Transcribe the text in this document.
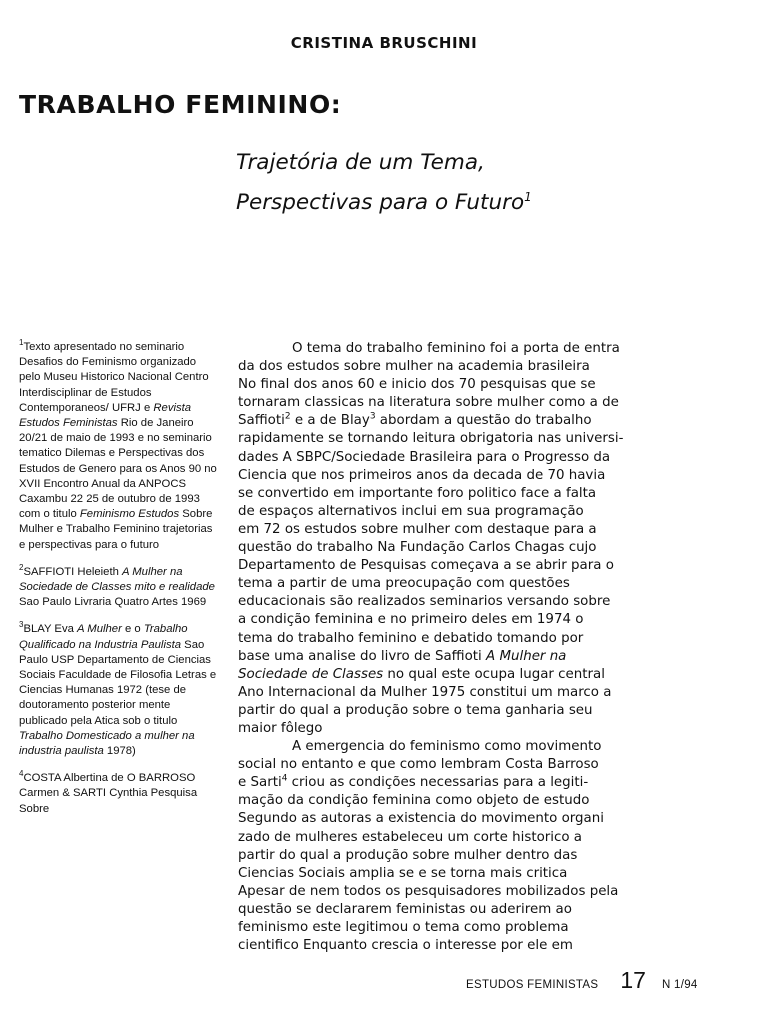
CRISTINA BRUSCHINI
TRABALHO FEMININO:
Trajetória de um Tema,
Perspectivas para o Futuro$^1$

$^1$Texto apresentado no seminario Desafios do Feminismo organizado pelo Museu Historico Nacional Centro Interdisciplinar de Estudos Contemporaneos/ UFRJ e Revista Estudos Feministas Rio de Janeiro 20/21 de maio de 1993 e no seminario tematico Dilemas e Perspectivas dos Estudos de Genero para os Anos 90 no XVII Encontro Anual da ANPOCS Caxambu 22 25 de outubro de 1993 com o titulo Feminismo Estudos Sobre Mulher e Trabalho Feminino trajetorias e perspectivas para o futuro

$^2$SAFFIOTI Heleieth A Mulher na Sociedade de Classes mito e realidade Sao Paulo Livraria Quatro Artes 1969

$^3$BLAY Eva A Mulher e o Trabalho Qualificado na Industria Paulista Sao Paulo USP Departamento de Ciencias Sociais Faculdade de Filosofia Letras e Ciencias Humanas 1972 (tese de doutoramento posterior mente publicado pela Atica sob o titulo Trabalho Domesticado a mulher na industria paulista 1978)

$^4$COSTA Albertina de O BARROSO Carmen & SARTI Cynthia Pesquisa Sobre

O tema do trabalho feminino foi a porta de entra
da dos estudos sobre mulher na academia brasileira
No final dos anos 60 e inicio dos 70 pesquisas que se
tornaram classicas na literatura sobre mulher como a de
Saffioti$^2$ e a de Blay$^3$ abordam a questão do trabalho
rapidamente se tornando leitura obrigatoria nas universi-
dades A SBPC/Sociedade Brasileira para o Progresso da
Ciencia que nos primeiros anos da decada de 70 havia
se convertido em importante foro politico face a falta
de espaços alternativos inclui em sua programação
em 72 os estudos sobre mulher com destaque para a
questão do trabalho Na Fundação Carlos Chagas cujo
Departamento de Pesquisas começava a se abrir para o
tema a partir de uma preocupação com questões
educacionais são realizados seminarios versando sobre
a condição feminina e no primeiro deles em 1974 o
tema do trabalho feminino e debatido tomando por
base uma analise do livro de Saffioti A Mulher na
Sociedade de Classes no qual este ocupa lugar central
Ano Internacional da Mulher 1975 constitui um marco a
partir do qual a produção sobre o tema ganharia seu
maior fôlego
A emergencia do feminismo como movimento
social no entanto e que como lembram Costa Barroso
e Sarti$^4$ criou as condições necessarias para a legiti-
mação da condição feminina como objeto de estudo
Segundo as autoras a existencia do movimento organi
zado de mulheres estabeleceu um corte historico a
partir do qual a produção sobre mulher dentro das
Ciencias Sociais amplia se e se torna mais critica
Apesar de nem todos os pesquisadores mobilizados pela
questão se declararem feministas ou aderirem ao
feminismo este legitimou o tema como problema
cientifico Enquanto crescia o interesse por ele em
ESTUDOS FEMINISTAS 17 N 1/94
